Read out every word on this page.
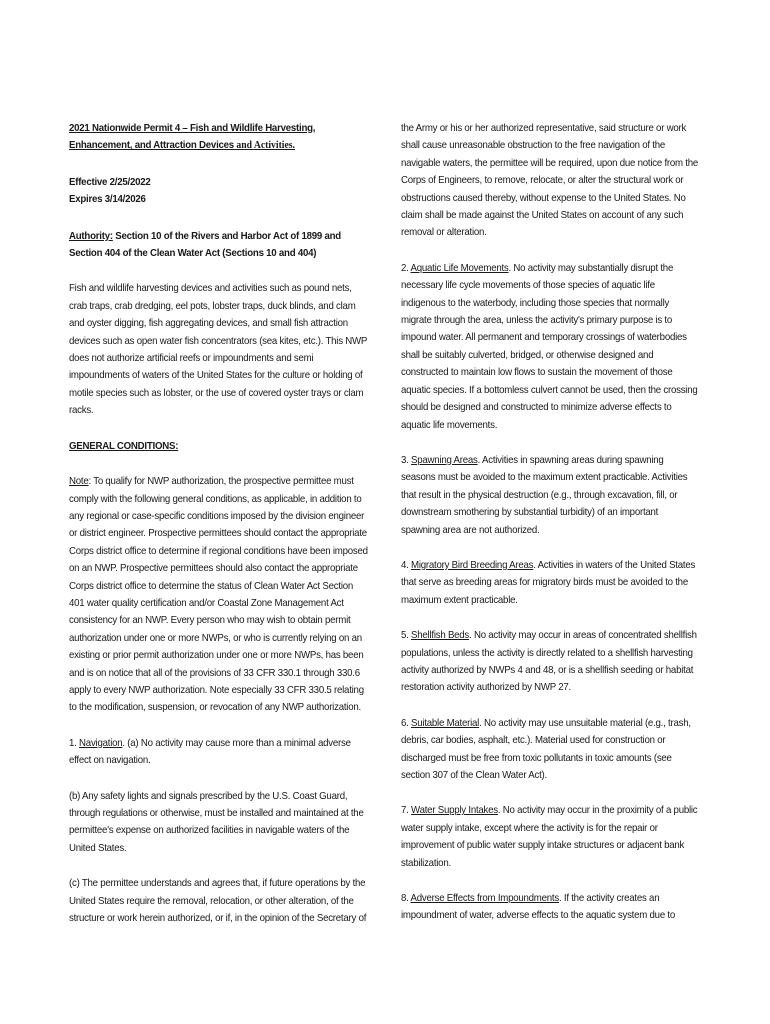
2021 Nationwide Permit 4 – Fish and Wildlife Harvesting,
Enhancement, and Attraction Devices and Activities.
Effective 2/25/2022
Expires 3/14/2026

Authority: Section 10 of the Rivers and Harbor Act of 1899 and Section 404 of the Clean Water Act (Sections 10 and 404)

Fish and wildlife harvesting devices and activities such as pound nets, crab traps, crab dredging, eel pots, lobster traps, duck blinds, and clam and oyster digging, fish aggregating devices, and small fish attraction devices such as open water fish concentrators (sea kites, etc.). This NWP does not authorize artificial reefs or impoundments and semi impoundments of waters of the United States for the culture or holding of motile species such as lobster, or the use of covered oyster trays or clam racks.

GENERAL CONDITIONS:

Note: To qualify for NWP authorization, the prospective permittee must comply with the following general conditions, as applicable, in addition to any regional or case-specific conditions imposed by the division engineer or district engineer. Prospective permittees should contact the appropriate Corps district office to determine if regional conditions have been imposed on an NWP. Prospective permittees should also contact the appropriate Corps district office to determine the status of Clean Water Act Section 401 water quality certification and/or Coastal Zone Management Act consistency for an NWP. Every person who may wish to obtain permit authorization under one or more NWPs, or who is currently relying on an existing or prior permit authorization under one or more NWPs, has been and is on notice that all of the provisions of 33 CFR 330.1 through 330.6 apply to every NWP authorization. Note especially 33 CFR 330.5 relating to the modification, suspension, or revocation of any NWP authorization.

1. Navigation. (a) No activity may cause more than a minimal adverse effect on navigation.

(b) Any safety lights and signals prescribed by the U.S. Coast Guard, through regulations or otherwise, must be installed and maintained at the permittee's expense on authorized facilities in navigable waters of the United States.

(c) The permittee understands and agrees that, if future operations by the United States require the removal, relocation, or other alteration, of the structure or work herein authorized, or if, in the opinion of the Secretary of

the Army or his or her authorized representative, said structure or work shall cause unreasonable obstruction to the free navigation of the navigable waters, the permittee will be required, upon due notice from the Corps of Engineers, to remove, relocate, or alter the structural work or obstructions caused thereby, without expense to the United States. No claim shall be made against the United States on account of any such removal or alteration.

2. Aquatic Life Movements. No activity may substantially disrupt the necessary life cycle movements of those species of aquatic life indigenous to the waterbody, including those species that normally migrate through the area, unless the activity's primary purpose is to impound water. All permanent and temporary crossings of waterbodies shall be suitably culverted, bridged, or otherwise designed and constructed to maintain low flows to sustain the movement of those aquatic species. If a bottomless culvert cannot be used, then the crossing should be designed and constructed to minimize adverse effects to aquatic life movements.

3. Spawning Areas. Activities in spawning areas during spawning seasons must be avoided to the maximum extent practicable. Activities that result in the physical destruction (e.g., through excavation, fill, or downstream smothering by substantial turbidity) of an important spawning area are not authorized.

4. Migratory Bird Breeding Areas. Activities in waters of the United States that serve as breeding areas for migratory birds must be avoided to the maximum extent practicable.

5. Shellfish Beds. No activity may occur in areas of concentrated shellfish populations, unless the activity is directly related to a shellfish harvesting activity authorized by NWPs 4 and 48, or is a shellfish seeding or habitat restoration activity authorized by NWP 27.

6. Suitable Material. No activity may use unsuitable material (e.g., trash, debris, car bodies, asphalt, etc.). Material used for construction or discharged must be free from toxic pollutants in toxic amounts (see section 307 of the Clean Water Act).

7. Water Supply Intakes. No activity may occur in the proximity of a public water supply intake, except where the activity is for the repair or improvement of public water supply intake structures or adjacent bank stabilization.

8. Adverse Effects from Impoundments. If the activity creates an impoundment of water, adverse effects to the aquatic system due to
